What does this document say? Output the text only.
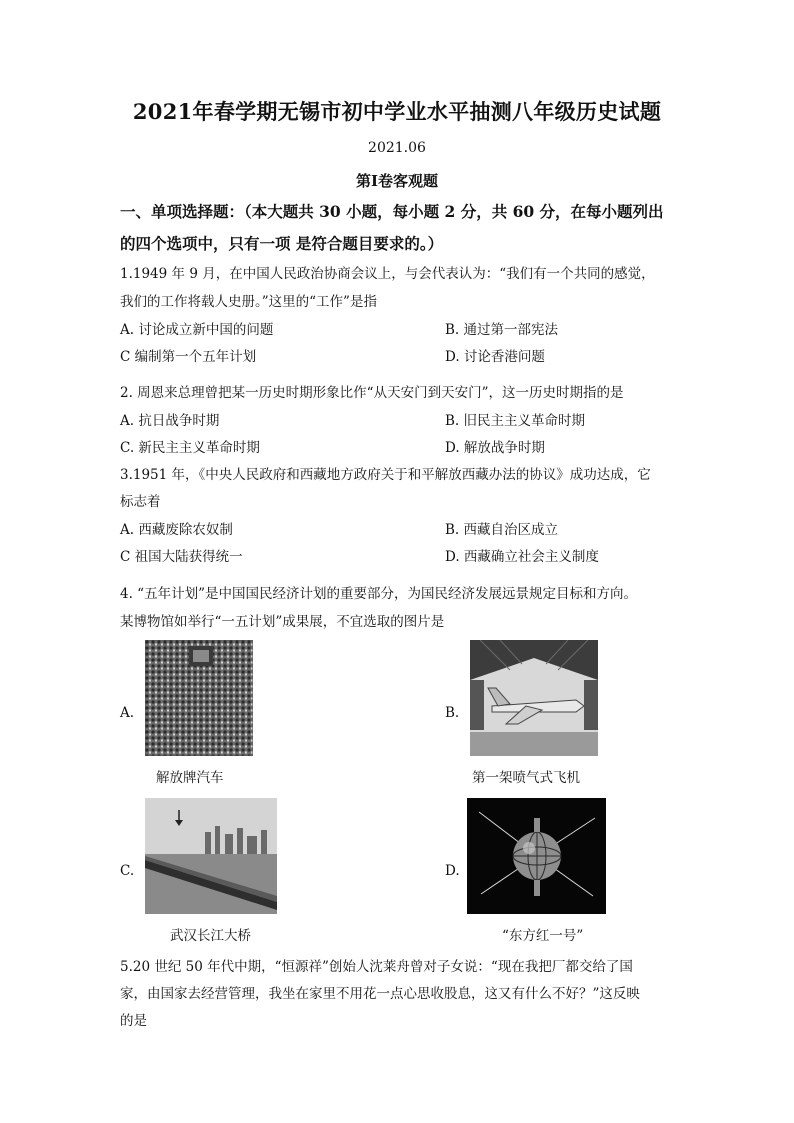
2021年春学期无锡市初中学业水平抽测八年级历史试题
2021.06
第Ⅰ卷客观题
一、单项选择题：（本大题共 30 小题，每小题 2 分，共 60 分，在每小题列出
的四个选项中，只有一项 是符合题目要求的。）
1.1949 年 9 月，在中国人民政治协商会议上，与会代表认为：“我们有一个共同的感觉，
我们的工作将载人史册。”这里的“工作”是指
A. 讨论成立新中国的问题	B. 通过第一部宪法
C 编制第一个五年计划	D. 讨论香港问题
2. 周恩来总理曾把某一历史时期形象比作“从天安门到天安门”，这一历史时期指的是
A. 抗日战争时期	B. 旧民主主义革命时期
C. 新民主主义革命时期	D. 解放战争时期
3.1951 年，《中央人民政府和西藏地方政府关于和平解放西藏办法的协议》成功达成，它
标志着
A. 西藏废除农奴制	B. 西藏自治区成立
C 祖国大陆获得统一	D. 西藏确立社会主义制度
4. “五年计划”是中国国民经济计划的重要部分，为国民经济发展远景规定目标和方向。
某博物馆如举行“一五计划”成果展，不宜选取的图片是
A.
解放牌汽车
B.
第一架喷气式飞机
C.
武汉长江大桥
D.
“东方红一号”
5.20 世纪 50 年代中期，“恒源祥”创始人沈莱舟曾对子女说：“现在我把厂都交给了国
家，由国家去经营管理，我坐在家里不用花一点心思收股息，这又有什么不好？”这反映
的是
